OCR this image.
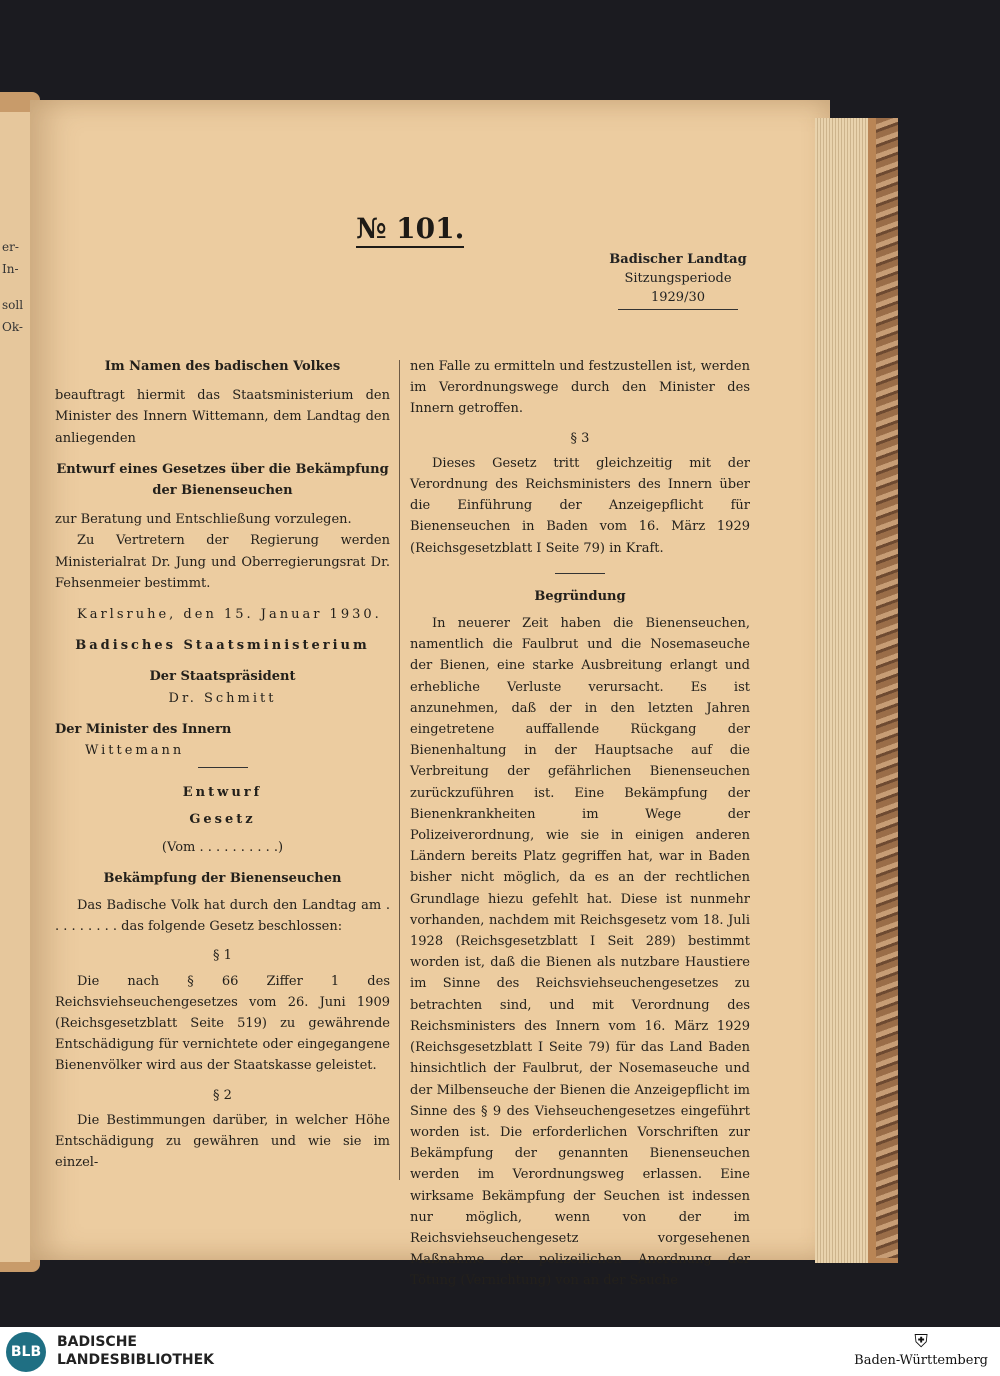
er-
In-
soll
Ok-
№ 101.
Badischer Landtag
Sitzungsperiode
1929/30

Im Namen des badischen Volkes

beauftragt hiermit das Staatsministerium den Minister des Innern Wittemann, dem Landtag den anliegenden

Entwurf eines Gesetzes über die Bekämpfung der Bienenseuchen

zur Beratung und Entschließung vorzulegen.

Zu Vertretern der Regierung werden Ministerialrat Dr. Jung und Oberregierungsrat Dr. Fehsenmeier bestimmt.

Karlsruhe, den 15. Januar 1930.

Badisches Staatsministerium

Der Staatspräsident

Dr. Schmitt

Der Minister des Innern

Wittemann

Entwurf

Gesetz

(Vom . . . . . . . . . .)

Bekämpfung der Bienenseuchen

Das Badische Volk hat durch den Landtag am . . . . . . . . . das folgende Gesetz beschlossen:

§ 1

Die nach § 66 Ziffer 1 des Reichsviehseuchengesetzes vom 26. Juni 1909 (Reichsgesetzblatt Seite 519) zu gewährende Entschädigung für vernichtete oder eingegangene Bienenvölker wird aus der Staatskasse geleistet.

§ 2

Die Bestimmungen darüber, in welcher Höhe Entschädigung zu gewähren und wie sie im einzel-

nen Falle zu ermitteln und festzustellen ist, werden im Verordnungswege durch den Minister des Innern getroffen.

§ 3

Dieses Gesetz tritt gleichzeitig mit der Verordnung des Reichsministers des Innern über die Einführung der Anzeigepflicht für Bienenseuchen in Baden vom 16. März 1929 (Reichsgesetzblatt I Seite 79) in Kraft.

Begründung

In neuerer Zeit haben die Bienenseuchen, namentlich die Faulbrut und die Nosemaseuche der Bienen, eine starke Ausbreitung erlangt und erhebliche Verluste verursacht. Es ist anzunehmen, daß der in den letzten Jahren eingetretene auffallende Rückgang der Bienenhaltung in der Hauptsache auf die Verbreitung der gefährlichen Bienenseuchen zurückzuführen ist. Eine Bekämpfung der Bienenkrankheiten im Wege der Polizeiverordnung, wie sie in einigen anderen Ländern bereits Platz gegriffen hat, war in Baden bisher nicht möglich, da es an der rechtlichen Grundlage hiezu gefehlt hat. Diese ist nunmehr vorhanden, nachdem mit Reichsgesetz vom 18. Juli 1928 (Reichsgesetzblatt I Seit 289) bestimmt worden ist, daß die Bienen als nutzbare Haustiere im Sinne des Reichsviehseuchengesetzes zu betrachten sind, und mit Verordnung des Reichsministers des Innern vom 16. März 1929 (Reichsgesetzblatt I Seite 79) für das Land Baden hinsichtlich der Faulbrut, der Nosemaseuche und der Milbenseuche der Bienen die Anzeigepflicht im Sinne des § 9 des Viehseuchengesetzes eingeführt worden ist. Die erforderlichen Vorschriften zur Bekämpfung der genannten Bienenseuchen werden im Verordnungsweg erlassen. Eine wirksame Bekämpfung der Seuchen ist indessen nur möglich, wenn von der im Reichsviehseuchengesetz vorgesehenen Maßnahme der polizeilichen Anordnung der Tötung (Vernichtung) von an der Seuche

BLB
BADISCHE
LANDESBIBLIOTHEK
⛨
Baden-Württemberg
